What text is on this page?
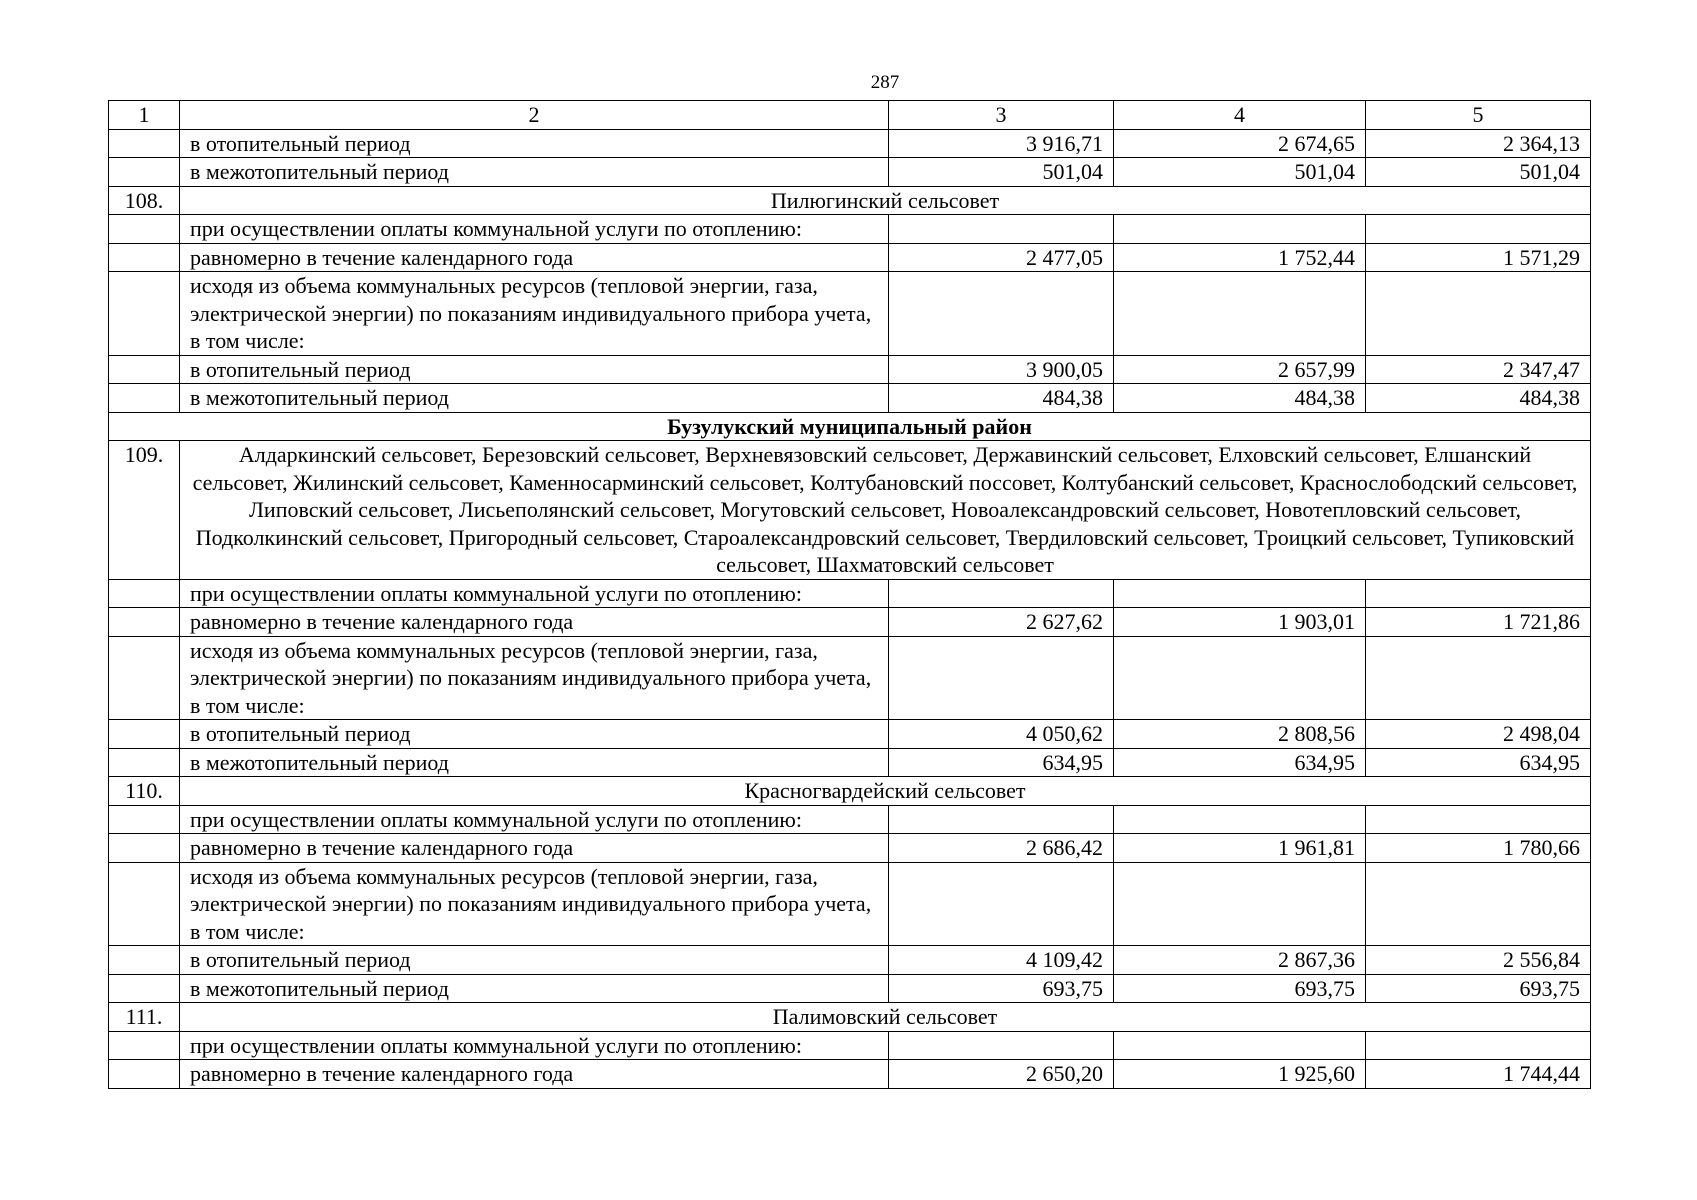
287
1	2	3	4	5
	в отопительный период	3 916,71	2 674,65	2 364,13
	в межотопительный период	501,04	501,04	501,04
108.	Пилюгинский сельсовет			
	при осуществлении оплаты коммунальной услуги по отоплению:			
	равномерно в течение календарного года	2 477,05	1 752,44	1 571,29
	исходя из объема коммунальных ресурсов (тепловой энергии, газа, электрической энергии) по показаниям индивидуального прибора учета, в том числе:			
	в отопительный период	3 900,05	2 657,99	2 347,47
	в межотопительный период	484,38	484,38	484,38
Бузулукский муниципальный район				
109.	Алдаркинский сельсовет, Березовский сельсовет, Верхневязовский сельсовет, Державинский сельсовет, Елховский сельсовет, Елшанский сельсовет, Жилинский сельсовет, Каменносарминский сельсовет, Колтубановский поссовет, Колтубанский сельсовет, Краснослободский сельсовет, Липовский сельсовет, Лисьеполянский сельсовет, Могутовский сельсовет, Новоалександровский сельсовет, Новотепловский сельсовет, Подколкинский сельсовет, Пригородный сельсовет, Староалександровский сельсовет, Твердиловский сельсовет, Троицкий сельсовет, Тупиковский сельсовет, Шахматовский сельсовет			
	при осуществлении оплаты коммунальной услуги по отоплению:			
	равномерно в течение календарного года	2 627,62	1 903,01	1 721,86
	исходя из объема коммунальных ресурсов (тепловой энергии, газа, электрической энергии) по показаниям индивидуального прибора учета, в том числе:			
	в отопительный период	4 050,62	2 808,56	2 498,04
	в межотопительный период	634,95	634,95	634,95
110.	Красногвардейский сельсовет			
	при осуществлении оплаты коммунальной услуги по отоплению:			
	равномерно в течение календарного года	2 686,42	1 961,81	1 780,66
	исходя из объема коммунальных ресурсов (тепловой энергии, газа, электрической энергии) по показаниям индивидуального прибора учета, в том числе:			
	в отопительный период	4 109,42	2 867,36	2 556,84
	в межотопительный период	693,75	693,75	693,75
111.	Палимовский сельсовет			
	при осуществлении оплаты коммунальной услуги по отоплению:			
	равномерно в течение календарного года	2 650,20	1 925,60	1 744,44
